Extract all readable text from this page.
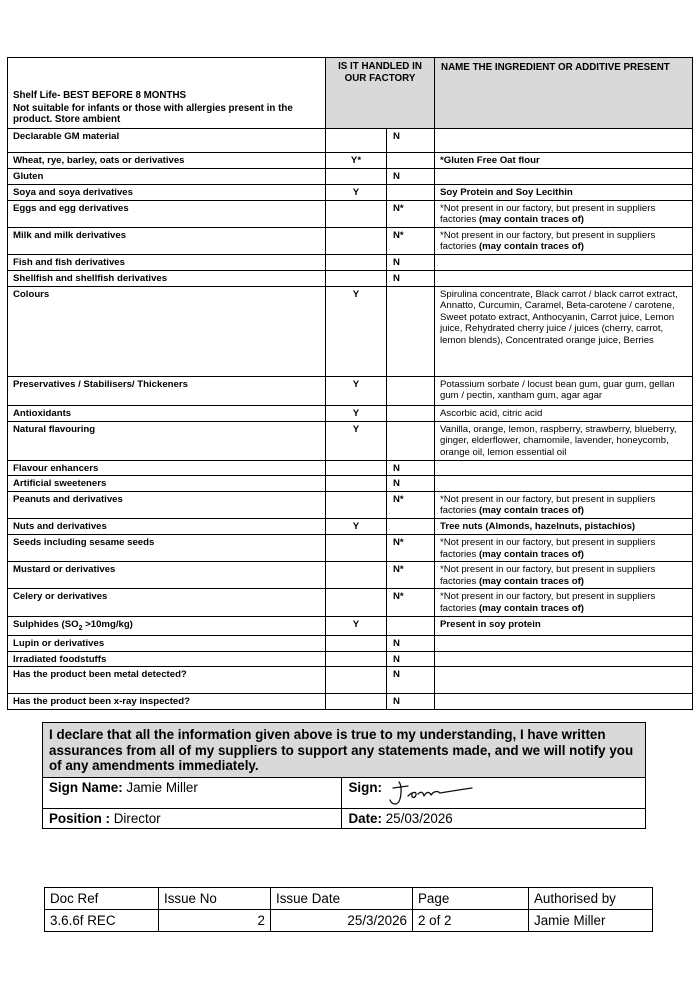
Shelf Life- BEST BEFORE 8 MONTHS
Not suitable for infants or those with allergies present in the product. Store ambient	IS IT HANDLED IN OUR FACTORY		NAME THE INGREDIENT OR ADDITIVE PRESENT
Declarable GM material		N	
Wheat, rye, barley, oats or derivatives	Y*		*Gluten Free Oat flour
Gluten		N	
Soya and soya derivatives	Y		Soy Protein and Soy Lecithin
Eggs and egg derivatives		N*	*Not present in our factory, but present in suppliers factories (may contain traces of)
Milk and milk derivatives		N*	*Not present in our factory, but present in suppliers factories (may contain traces of)
Fish and fish derivatives		N	
Shellfish and shellfish derivatives		N	
Colours	Y		Spirulina concentrate, Black carrot / black carrot extract, Annatto, Curcumin, Caramel, Beta-carotene / carotene, Sweet potato extract, Anthocyanin, Carrot juice, Lemon juice, Rehydrated cherry juice / juices (cherry, carrot, lemon blends), Concentrated orange juice, Berries
Preservatives / Stabilisers/ Thickeners	Y		Potassium sorbate / locust bean gum, guar gum, gellan gum / pectin, xantham gum, agar agar
Antioxidants	Y		Ascorbic acid, citric acid
Natural flavouring	Y		Vanilla, orange, lemon, raspberry, strawberry, blueberry, ginger, elderflower, chamomile, lavender, honeycomb, orange oil, lemon essential oil
Flavour enhancers		N	
Artificial sweeteners		N	
Peanuts and derivatives		N*	*Not present in our factory, but present in suppliers factories (may contain traces of)
Nuts and derivatives	Y		Tree nuts (Almonds, hazelnuts, pistachios)
Seeds including sesame seeds		N*	*Not present in our factory, but present in suppliers factories (may contain traces of)
Mustard or derivatives		N*	*Not present in our factory, but present in suppliers factories (may contain traces of)
Celery or derivatives		N*	*Not present in our factory, but present in suppliers factories (may contain traces of)
Sulphides $(SO_2 >10mg/kg)$	Y		Present in soy protein
Lupin or derivatives		N	
Irradiated foodstuffs		N	
Has the product been metal detected?		N	
Has the product been x-ray inspected?		N	
I declare that all the information given above is true to my understanding, I have written assurances from all of my suppliers to support any statements made, and we will notify you of any amendments immediately.	
Sign Name: Jamie Miller	Sign:

Position : Director	Date: 25/03/2026
Doc Ref	Issue No	Issue Date	Page	Authorised by
3.6.6f REC	2	25/3/2026	2 of 2	Jamie Miller
